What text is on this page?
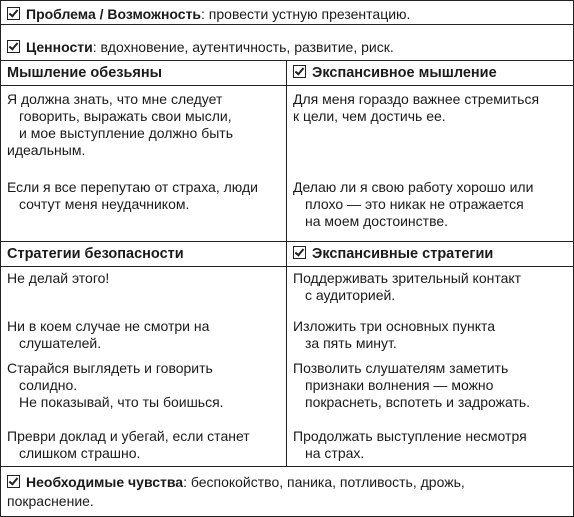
Проблема / Возможность: провести устную презентацию.
Ценности: вдохновение, аутентичность, развитие, риск.
Мышление обезьяны
Я должна знать, что мне следует
говорить, выражать свои мысли,
и мое выступление должно быть
идеальным.
Если я все перепутаю от страха, люди
сочтут меня неудачником.
Экспансивное мышление
Для меня гораздо важнее стремиться
к цели, чем достичь ее.
Делаю ли я свою работу хорошо или
плохо — это никак не отражается
на моем достоинстве.
Стратегии безопасности
Не делай этого!
Ни в коем случае не смотри на
слушателей.
Старайся выглядеть и говорить
солидно.
Не показывай, что ты боишься.
Преври доклад и убегай, если станет
слишком страшно.
Экспансивные стратегии
Поддерживать зрительный контакт
с аудиторией.
Изложить три основных пункта
за пять минут.
Позволить слушателям заметить
признаки волнения — можно
покраснеть, вспотеть и задрожать.
Продолжать выступление несмотря
на страх.
Необходимые чувства: беспокойство, паника, потливость, дрожь,
покраснение.
